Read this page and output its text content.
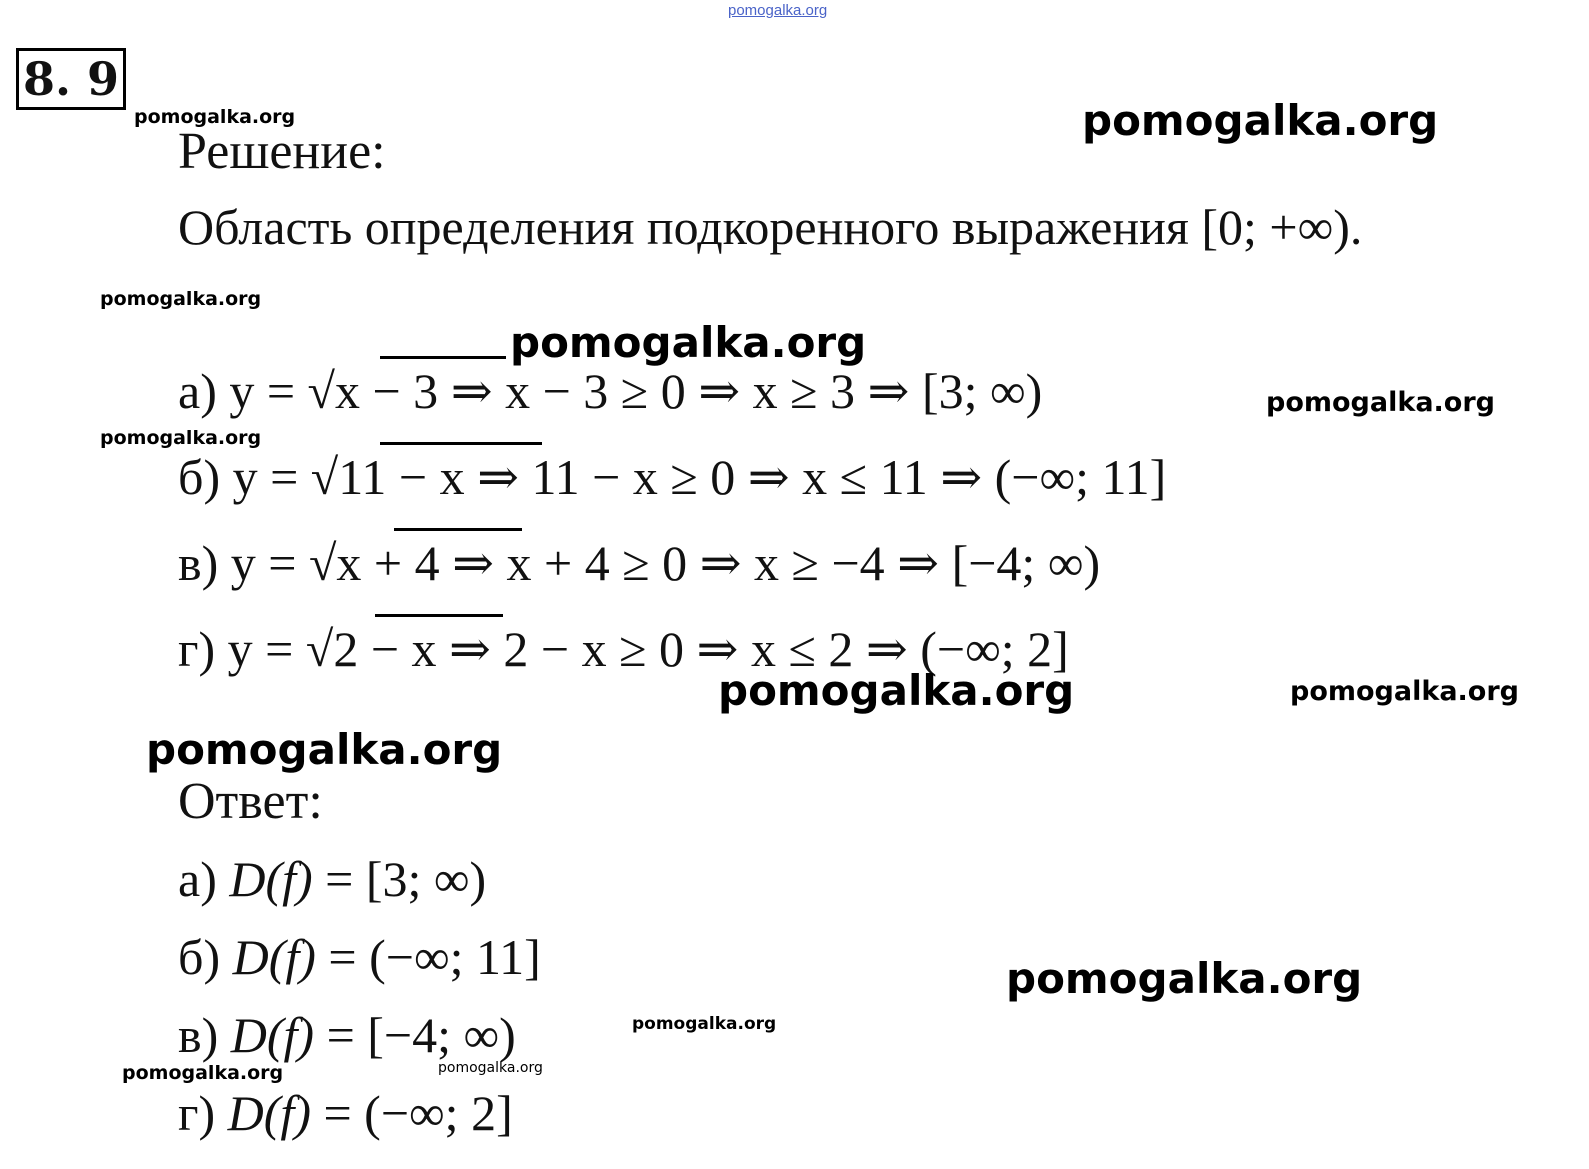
pomogalka.org
8. 9
Решение:
Область определения подкоренного выражения [0; +∞).
а) y = √x − 3 ⇒ x − 3 ≥ 0 ⇒ x ≥ 3 ⇒ [3; ∞)
б) y = √11 − x ⇒ 11 − x ≥ 0 ⇒ x ≤ 11 ⇒ (−∞; 11]
в) y = √x + 4 ⇒ x + 4 ≥ 0 ⇒ x ≥ −4 ⇒ [−4; ∞)
г) y = √2 − x ⇒ 2 − x ≥ 0 ⇒ x ≤ 2 ⇒ (−∞; 2]
Ответ:
а) D(f) = [3; ∞)
б) D(f) = (−∞; 11]
в) D(f) = [−4; ∞)
г) D(f) = (−∞; 2]
pomogalka.org	pomogalka.org
pomogalka.org
pomogalka.org
pomogalka.org
pomogalka.org
pomogalka.org	pomogalka.org
pomogalka.org
pomogalka.org
pomogalka.org
pomogalka.org	pomogalka.org
